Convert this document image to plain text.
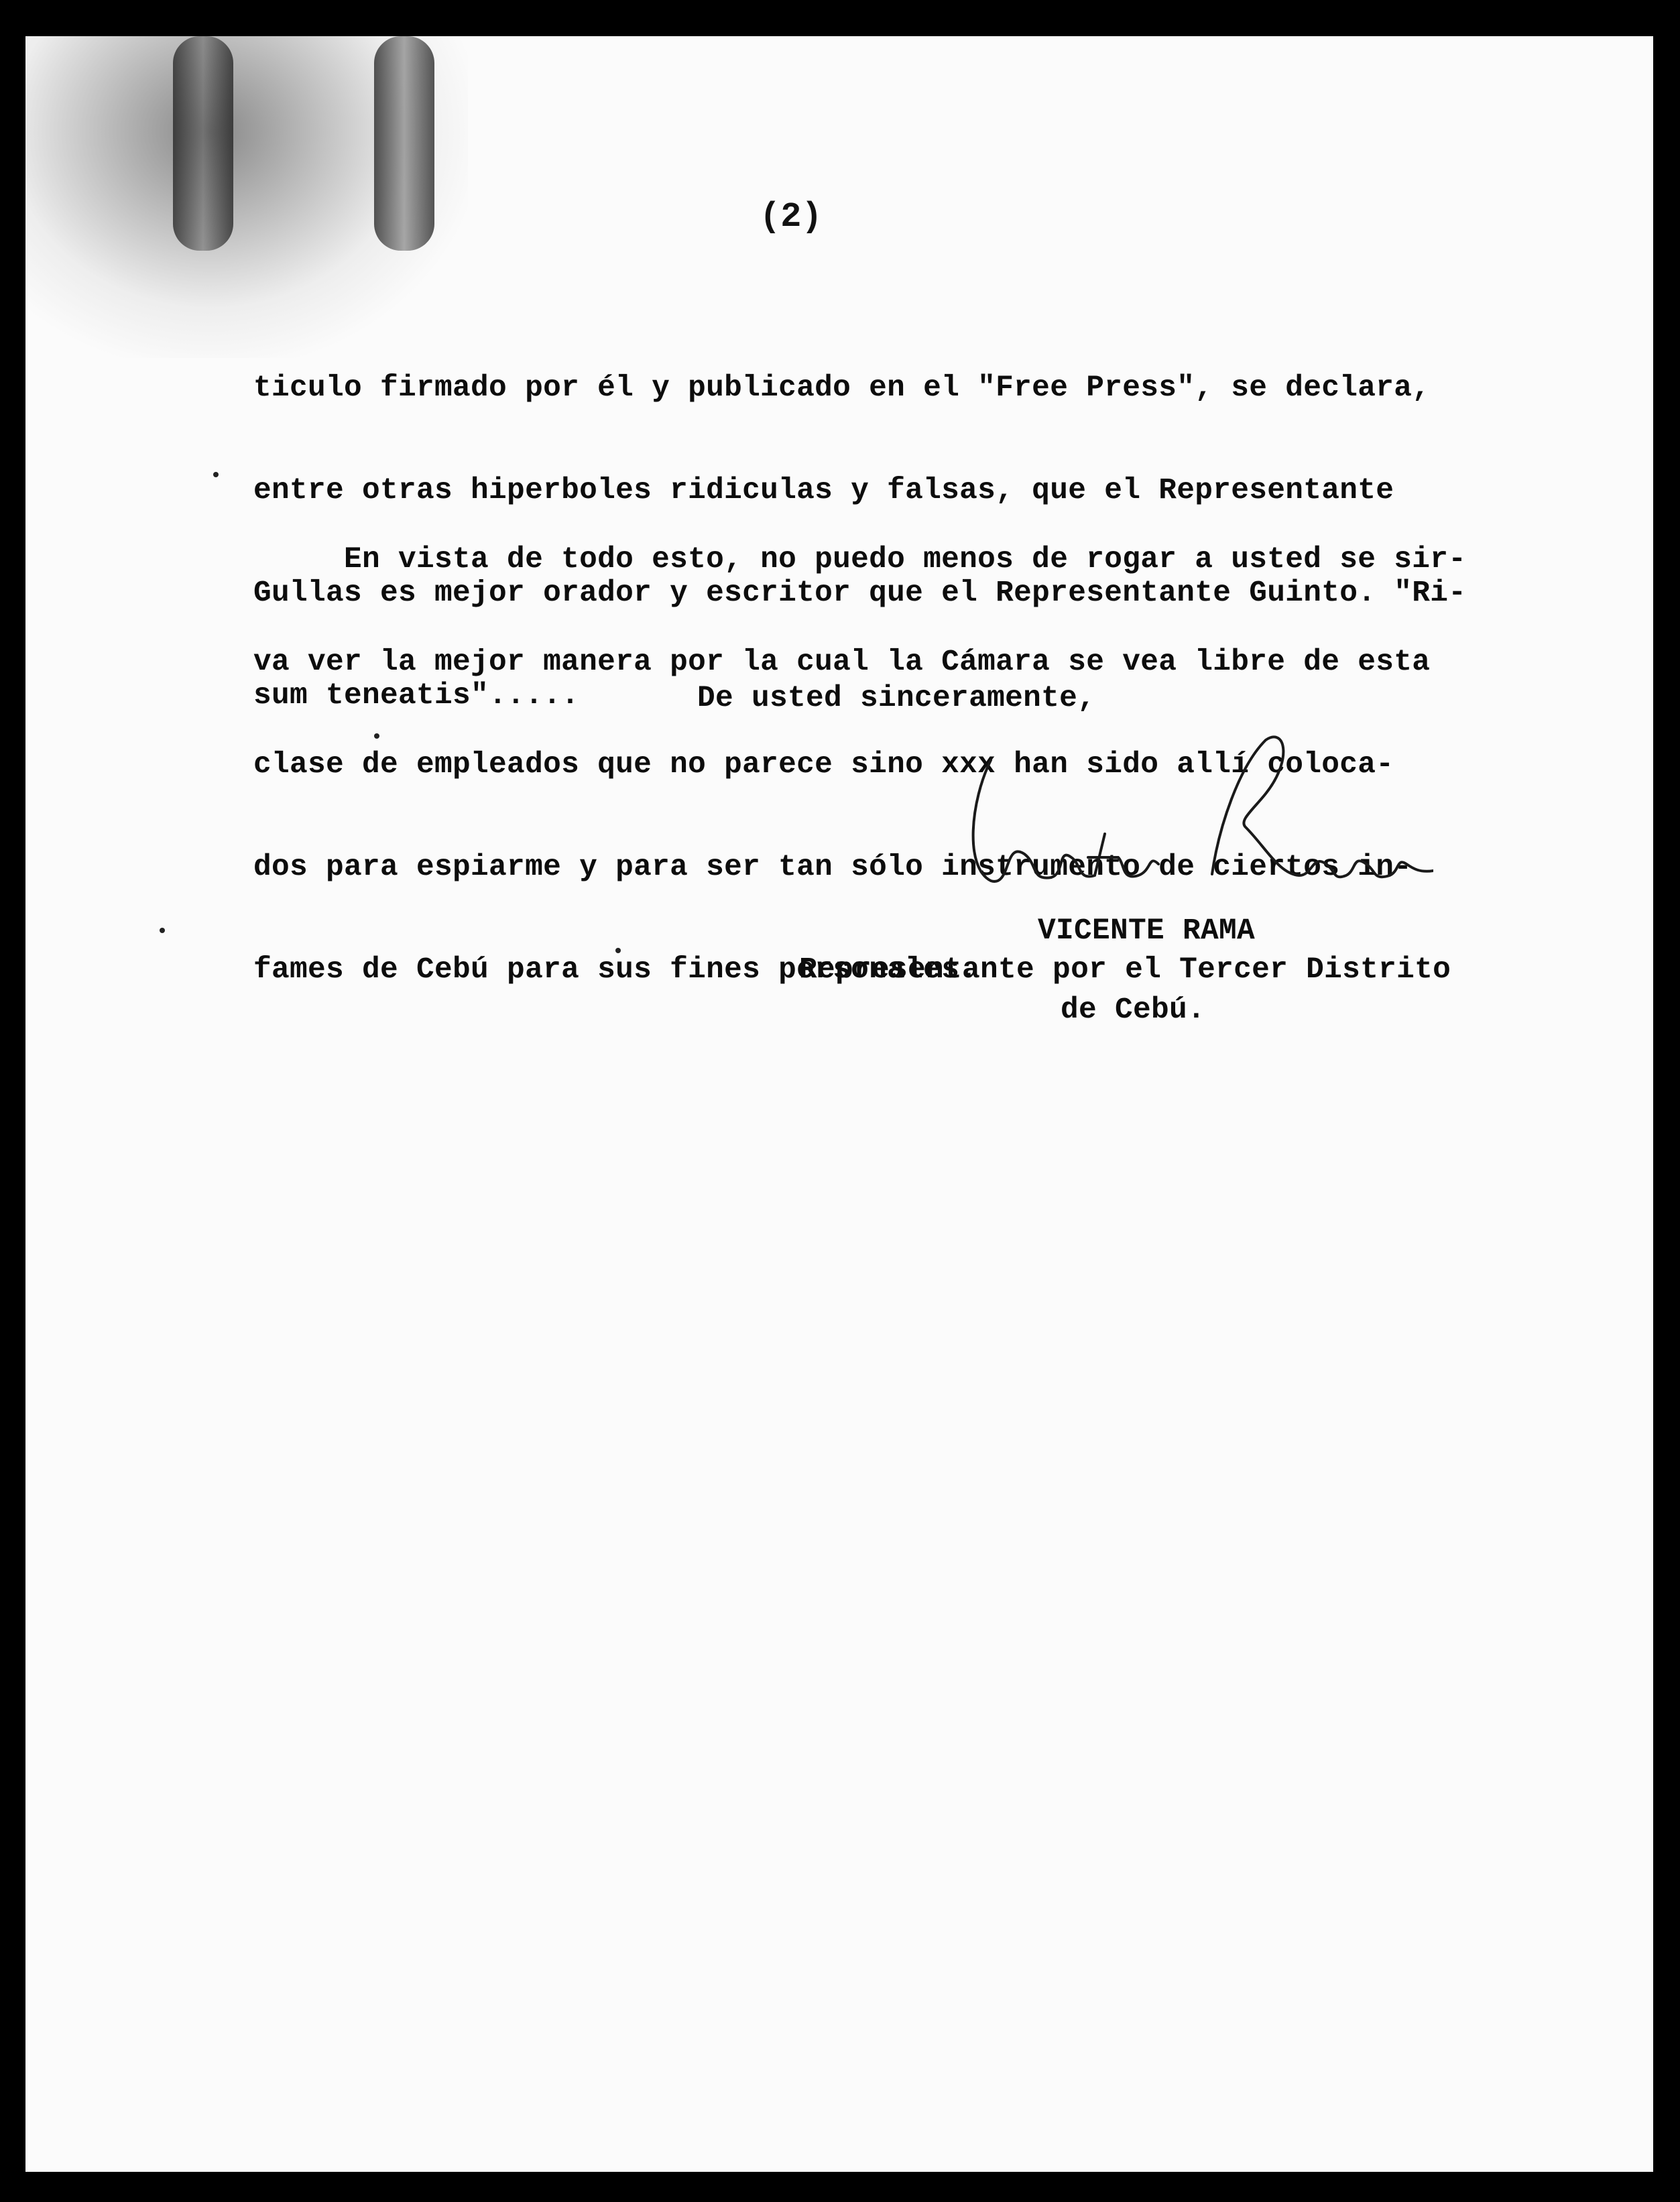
(2)

ticulo firmado por él y publicado en el "Free Press", se declara,

entre otras hiperboles ridiculas y falsas, que el Representante

Gullas es mejor orador y escritor que el Representante Guinto. "Ri-

sum teneatis".....

En vista de todo esto, no puedo menos de rogar a usted se sir-

va ver la mejor manera por la cual la Cámara se vea libre de esta

clase de empleados que no parece sino xxx han sido allí coloca-

dos para espiarme y para ser tan sólo instrumento de ciertos in-

fames de Cebú para sus fines personales.

De usted sinceramente,
VICENTE RAMA
Representante por el Tercer Distrito
de Cebú.
